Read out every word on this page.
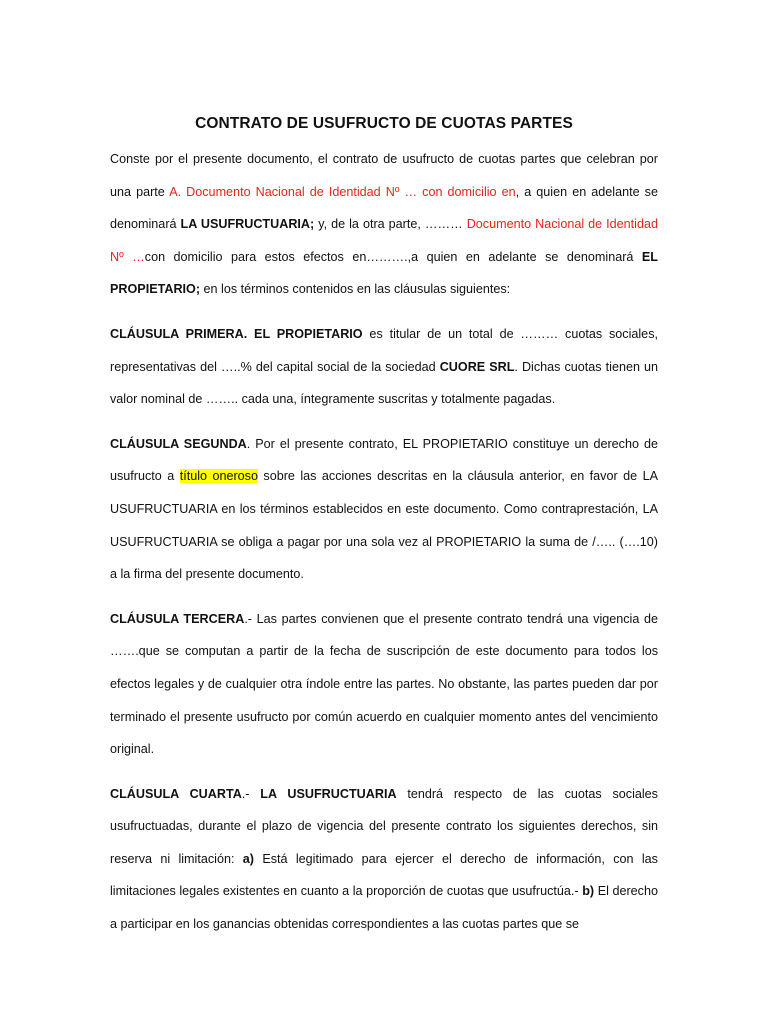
CONTRATO DE USUFRUCTO DE CUOTAS PARTES

Conste por el presente documento, el contrato de usufructo de cuotas partes que celebran por una parte A. Documento Nacional de Identidad Nº … con domicilio en, a quien en adelante se denominará LA USUFRUCTUARIA; y, de la otra parte, ……… Documento Nacional de Identidad Nº …con domicilio para estos efectos en……….,a quien en adelante se denominará EL PROPIETARIO; en los términos contenidos en las cláusulas siguientes:

CLÁUSULA PRIMERA. EL PROPIETARIO es titular de un total de ……… cuotas sociales, representativas del …..% del capital social de la sociedad CUORE SRL. Dichas cuotas tienen un valor nominal de …….. cada una, íntegramente suscritas y totalmente pagadas.

CLÁUSULA SEGUNDA. Por el presente contrato, EL PROPIETARIO constituye un derecho de usufructo a título oneroso sobre las acciones descritas en la cláusula anterior, en favor de LA USUFRUCTUARIA en los términos establecidos en este documento. Como contraprestación, LA USUFRUCTUARIA se obliga a pagar por una sola vez al PROPIETARIO la suma de /….. (….10) a la firma del presente documento.

CLÁUSULA TERCERA.- Las partes convienen que el presente contrato tendrá una vigencia de …….que se computan a partir de la fecha de suscripción de este documento para todos los efectos legales y de cualquier otra índole entre las partes. No obstante, las partes pueden dar por terminado el presente usufructo por común acuerdo en cualquier momento antes del vencimiento original.

CLÁUSULA CUARTA.- LA USUFRUCTUARIA tendrá respecto de las cuotas sociales usufructuadas, durante el plazo de vigencia del presente contrato los siguientes derechos, sin reserva ni limitación: a) Está legitimado para ejercer el derecho de información, con las limitaciones legales existentes en cuanto a la proporción de cuotas que usufructúa.- b) El derecho a participar en los ganancias obtenidas correspondientes a las cuotas partes que se
